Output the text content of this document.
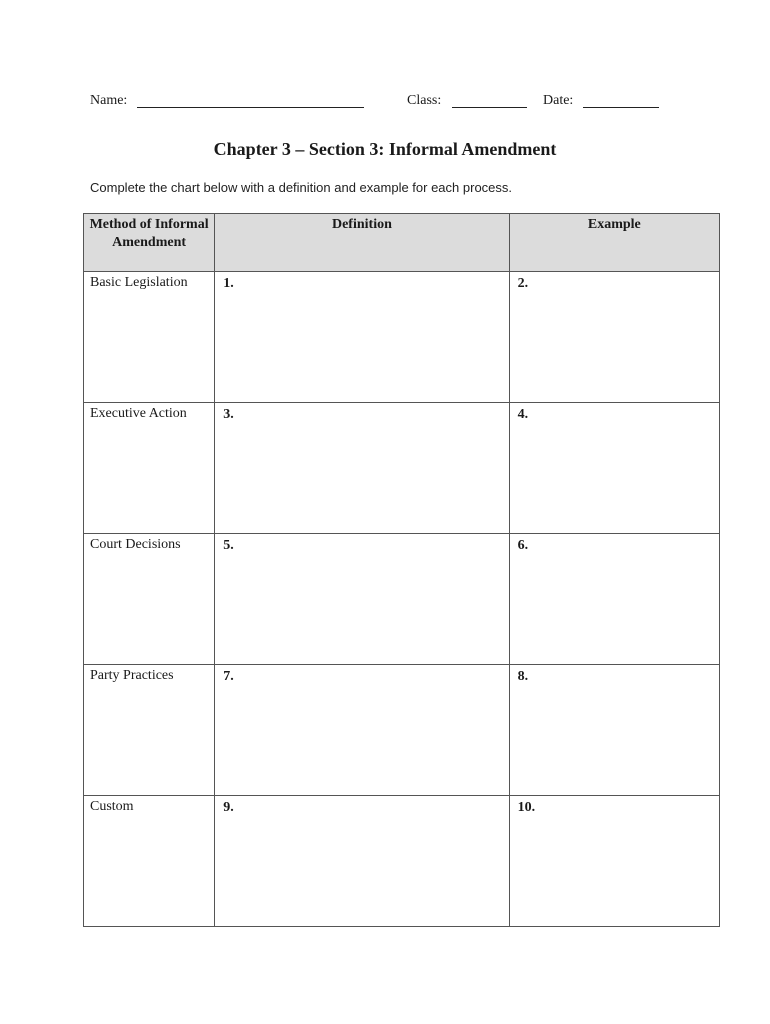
Name:	Class:	Date:
Chapter 3 – Section 3: Informal Amendment
Complete the chart below with a definition and example for each process.
Method of Informal Amendment	Definition	Example

Basic Legislation	1.	2.

Executive Action	3.	4.

Court Decisions	5.	6.

Party Practices	7.	8.

Custom	9.	10.
